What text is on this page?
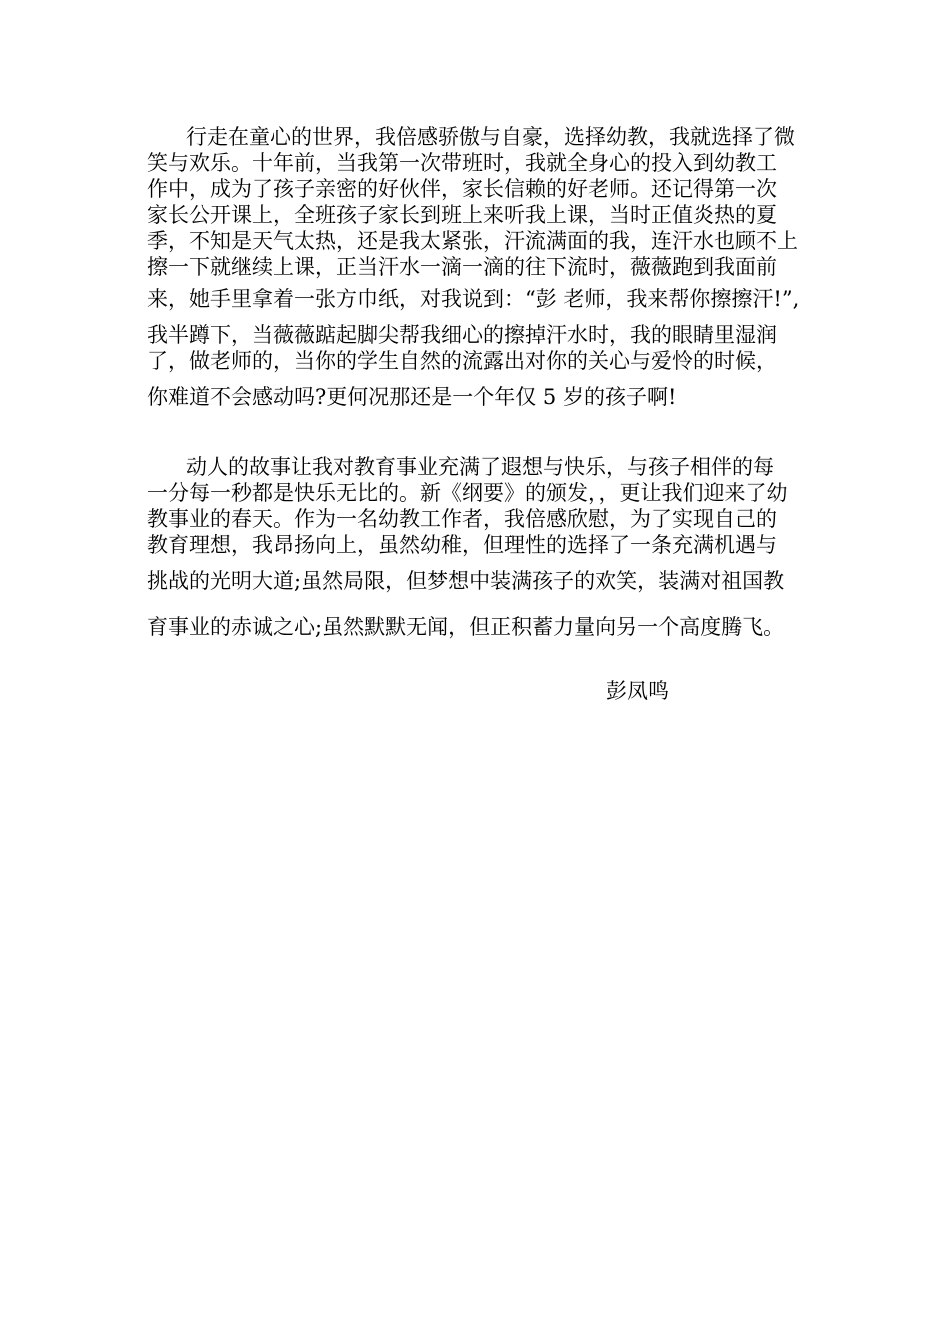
行走在童心的世界，我倍感骄傲与自豪，选择幼教，我就选择了微
笑与欢乐。十年前，当我第一次带班时，我就全身心的投入到幼教工
作中，成为了孩子亲密的好伙伴，家长信赖的好老师。还记得第一次
家长公开课上，全班孩子家长到班上来听我上课，当时正值炎热的夏
季，不知是天气太热，还是我太紧张，汗流满面的我，连汗水也顾不上
擦一下就继续上课，正当汗水一滴一滴的往下流时，薇薇跑到我面前
来，她手里拿着一张方巾纸，对我说到：“彭 老师，我来帮你擦擦汗!”,
我半蹲下，当薇薇踮起脚尖帮我细心的擦掉汗水时，我的眼睛里湿润
了，做老师的，当你的学生自然的流露出对你的关心与爱怜的时候，
你难道不会感动吗?更何况那还是一个年仅 5 岁的孩子啊!
动人的故事让我对教育事业充满了遐想与快乐，与孩子相伴的每
一分每一秒都是快乐无比的。新《纲要》的颁发，，更让我们迎来了幼
教事业的春天。作为一名幼教工作者，我倍感欣慰，为了实现自己的
教育理想，我昂扬向上，虽然幼稚，但理性的选择了一条充满机遇与
挑战的光明大道;虽然局限，但梦想中装满孩子的欢笑，装满对祖国教
育事业的赤诚之心;虽然默默无闻，但正积蓄力量向另一个高度腾飞。
彭凤鸣
